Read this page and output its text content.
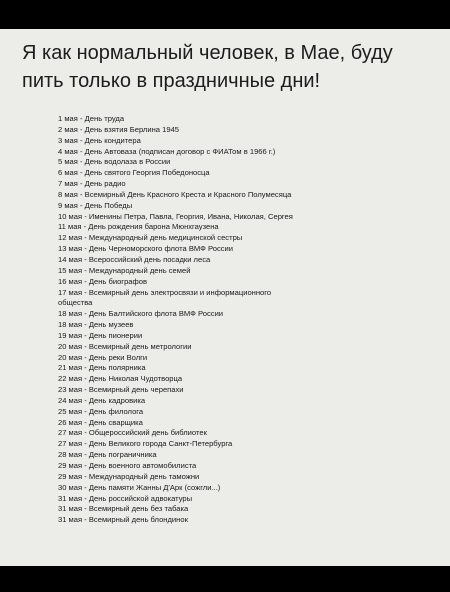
Я как нормальный человек, в Мае, буду пить только в праздничные дни!
1 мая - День труда
2 мая - День взятия Берлина 1945
3 мая - День кондитера
4 мая - День Автоваза (подписан договор с ФИАТом в 1966 г.)
5 мая - День водолаза в России
6 мая - День святого Георгия Победоносца
7 мая - День радио
8 мая - Всемирный День Красного Креста и Красного Полумесяца
9 мая - День Победы
10 мая - Именины Петра, Павла, Георгия, Ивана, Николая, Сергея
11 мая - День рождения барона Мюнхгаузена
12 мая - Международный день медицинской сестры
13 мая - День Черноморского флота ВМФ России
14 мая - Всероссийский день посадки леса
15 мая - Международный день семей
16 мая - День биографов
17 мая - Всемирный день электросвязи и информационного
общества
18 мая - День Балтийского флота ВМФ России
18 мая - День музеев
19 мая - День пионерии
20 мая - Всемирный день метрологии
20 мая - День реки Волги
21 мая - День полярника
22 мая - День Николая Чудотворца
23 мая - Всемирный день черепахи
24 мая - День кадровика
25 мая - День филолога
26 мая - День сварщика
27 мая - Общероссийский день библиотек
27 мая - День Великого города Санкт-Петербурга
28 мая - День пограничника
29 мая - День военного автомобилиста
29 мая - Международный день таможни
30 мая - День памяти Жанны Д'Арк (сожгли...)
31 мая - День российской адвокатуры
31 мая - Всемирный день без табака
31 мая - Всемирный день блондинок
